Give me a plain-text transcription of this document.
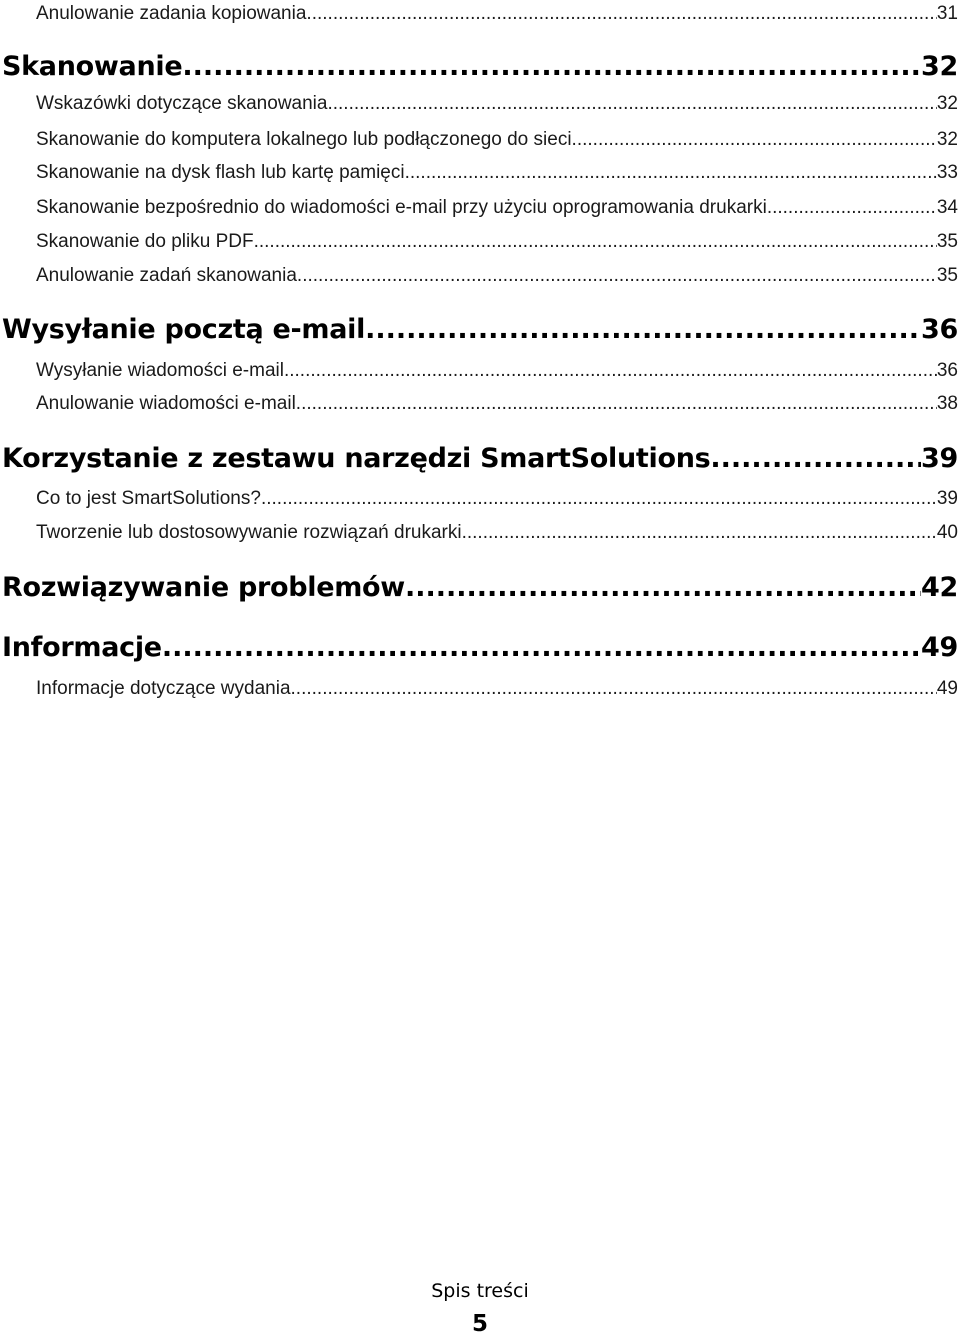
Anulowanie zadania kopiowania .....	31
Skanowanie .....	32
Wskazówki dotyczące skanowania .....	32
Skanowanie do komputera lokalnego lub podłączonego do sieci .....	32
Skanowanie na dysk flash lub kartę pamięci .....	33
Skanowanie bezpośrednio do wiadomości e-mail przy użyciu oprogramowania drukarki .....	34
Skanowanie do pliku PDF .....	35
Anulowanie zadań skanowania .....	35
Wysyłanie pocztą e-mail .....	36
Wysyłanie wiadomości e-mail .....	36
Anulowanie wiadomości e-mail .....	38
Korzystanie z zestawu narzędzi SmartSolutions .....	39
Co to jest SmartSolutions? .....	39
Tworzenie lub dostosowywanie rozwiązań drukarki .....	40
Rozwiązywanie problemów .....	42
Informacje .....	49
Informacje dotyczące wydania .....	49
Spis treści
5
